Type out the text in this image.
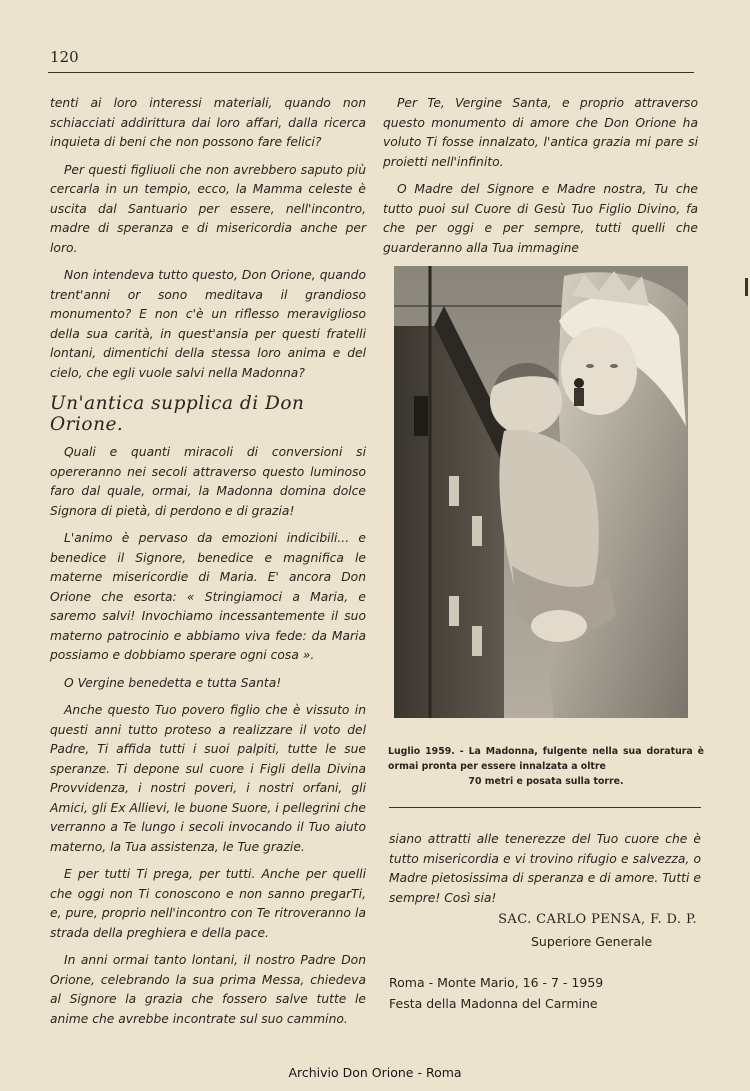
120

tenti ai loro interessi materiali, quando non schiacciati addirittura dai loro affari, dalla ricerca inquieta di beni che non possono fare felici?

Per questi figliuoli che non avrebbero saputo più cercarla in un tempio, ecco, la Mamma celeste è uscita dal Santuario per essere, nell'incontro, madre di speranza e di misericordia anche per loro.

Non intendeva tutto questo, Don Orione, quando trent'anni or sono meditava il grandioso monumento? E non c'è un riflesso meraviglioso della sua carità, in quest'ansia per questi fratelli lontani, dimentichi della stessa loro anima e del cielo, che egli vuole salvi nella Madonna?

Un'antica supplica di Don Orione.

Quali e quanti miracoli di conversioni si opereranno nei secoli attraverso questo luminoso faro dal quale, ormai, la Madonna domina dolce Signora di pietà, di perdono e di grazia!

L'animo è pervaso da emozioni indicibili... e benedice il Signore, benedice e magnifica le materne misericordie di Maria. E' ancora Don Orione che esorta: « Stringiamoci a Maria, e saremo salvi! Invochiamo incessantemente il suo materno patrocinio e abbiamo viva fede: da Maria possiamo e dobbiamo sperare ogni cosa ».

O Vergine benedetta e tutta Santa!

Anche questo Tuo povero figlio che è vissuto in questi anni tutto proteso a realizzare il voto del Padre, Ti affida tutti i suoi palpiti, tutte le sue speranze. Ti depone sul cuore i Figli della Divina Provvidenza, i nostri poveri, i nostri orfani, gli Amici, gli Ex Allievi, le buone Suore, i pellegrini che verranno a Te lungo i secoli invocando il Tuo aiuto materno, la Tua assistenza, le Tue grazie.

E per tutti Ti prega, per tutti. Anche per quelli che oggi non Ti conoscono e non sanno pregarTi, e, pure, proprio nell'incontro con Te ritroveranno la strada della preghiera e della pace.

In anni ormai tanto lontani, il nostro Padre Don Orione, celebrando la sua prima Messa, chiedeva al Signore la grazia che fossero salve tutte le anime che avrebbe incontrate sul suo cammino.

Per Te, Vergine Santa, e proprio attraverso questo monumento di amore che Don Orione ha voluto Ti fosse innalzato, l'antica grazia mi pare si proietti nell'infinito.

O Madre del Signore e Madre nostra, Tu che tutto puoi sul Cuore di Gesù Tuo Figlio Divino, fa che per oggi e per sempre, tutti quelli che guarderanno alla Tua immagine

Luglio 1959. - La Madonna, fulgente nella sua doratura è ormai pronta per essere innalzata a oltre
70 metri e posata sulla torre.

siano attratti alle tenerezze del Tuo cuore che è tutto misericordia e vi trovino rifugio e salvezza, o Madre pietosissima di speranza e di amore. Tutti e sempre! Così sia!

SAC. CARLO PENSA, F. D. P.
Superiore Generale
Roma - Monte Mario, 16 - 7 - 1959
Festa della Madonna del Carmine
Archivio Don Orione - Roma
